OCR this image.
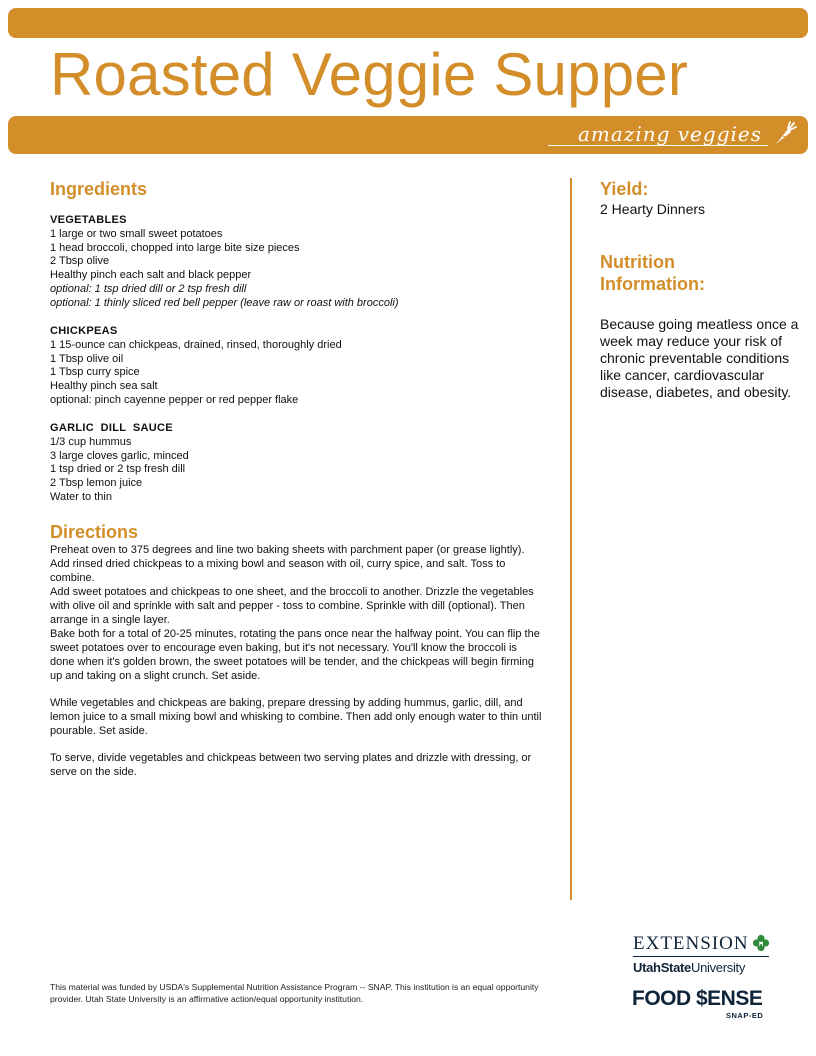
Roasted Veggie Supper
amazing veggies
Ingredients
VEGETABLES
1 large or two small sweet potatoes
1 head broccoli, chopped into large bite size pieces
2 Tbsp olive
Healthy pinch each salt and black pepper
optional: 1 tsp dried dill or 2 tsp fresh dill
optional: 1 thinly sliced red bell pepper (leave raw or roast with broccoli)
CHICKPEAS
1 15-ounce can chickpeas, drained, rinsed, thoroughly dried
1 Tbsp olive oil
1 Tbsp curry spice
Healthy pinch sea salt
optional: pinch cayenne pepper or red pepper flake
GARLIC  DILL  SAUCE
1/3 cup hummus
3 large cloves garlic, minced
1 tsp dried or 2 tsp fresh dill
2 Tbsp lemon juice
Water to thin
Directions

Preheat oven to 375 degrees and line two baking sheets with parchment paper (or grease lightly).

Add rinsed dried chickpeas to a mixing bowl and season with oil, curry spice, and salt. Toss to combine.

Add sweet potatoes and chickpeas to one sheet, and the broccoli to another. Drizzle the vegetables with olive oil and sprinkle with salt and pepper - toss to combine. Sprinkle with dill (optional). Then arrange in a single layer.

Bake both for a total of 20-25 minutes, rotating the pans once near the halfway point. You can flip the sweet potatoes over to encourage even baking, but it's not necessary. You'll know the broccoli is done when it's golden brown, the sweet potatoes will be tender, and the chickpeas will begin firming up and taking on a slight crunch. Set aside.

While vegetables and chickpeas are baking, prepare dressing by adding hummus, garlic, dill, and lemon juice to a small mixing bowl and whisking to combine. Then add only enough water to thin until pourable. Set aside.

To serve, divide vegetables and chickpeas between two serving plates and drizzle with dressing, or serve on the side.

Yield:
2 Hearty Dinners
Nutrition Information:
Because going meatless once a week may reduce your risk of chronic preventable conditions like cancer, cardiovascular disease, diabetes, and obesity.
This material was funded by USDA's Supplemental Nutrition Assistance Program -- SNAP. This institution is an equal opportunity provider. Utah State University is an affirmative action/equal opportunity institution.
EXTENSION H
UtahStateUniversity
FOOD $ENSE
SNAP-ED
